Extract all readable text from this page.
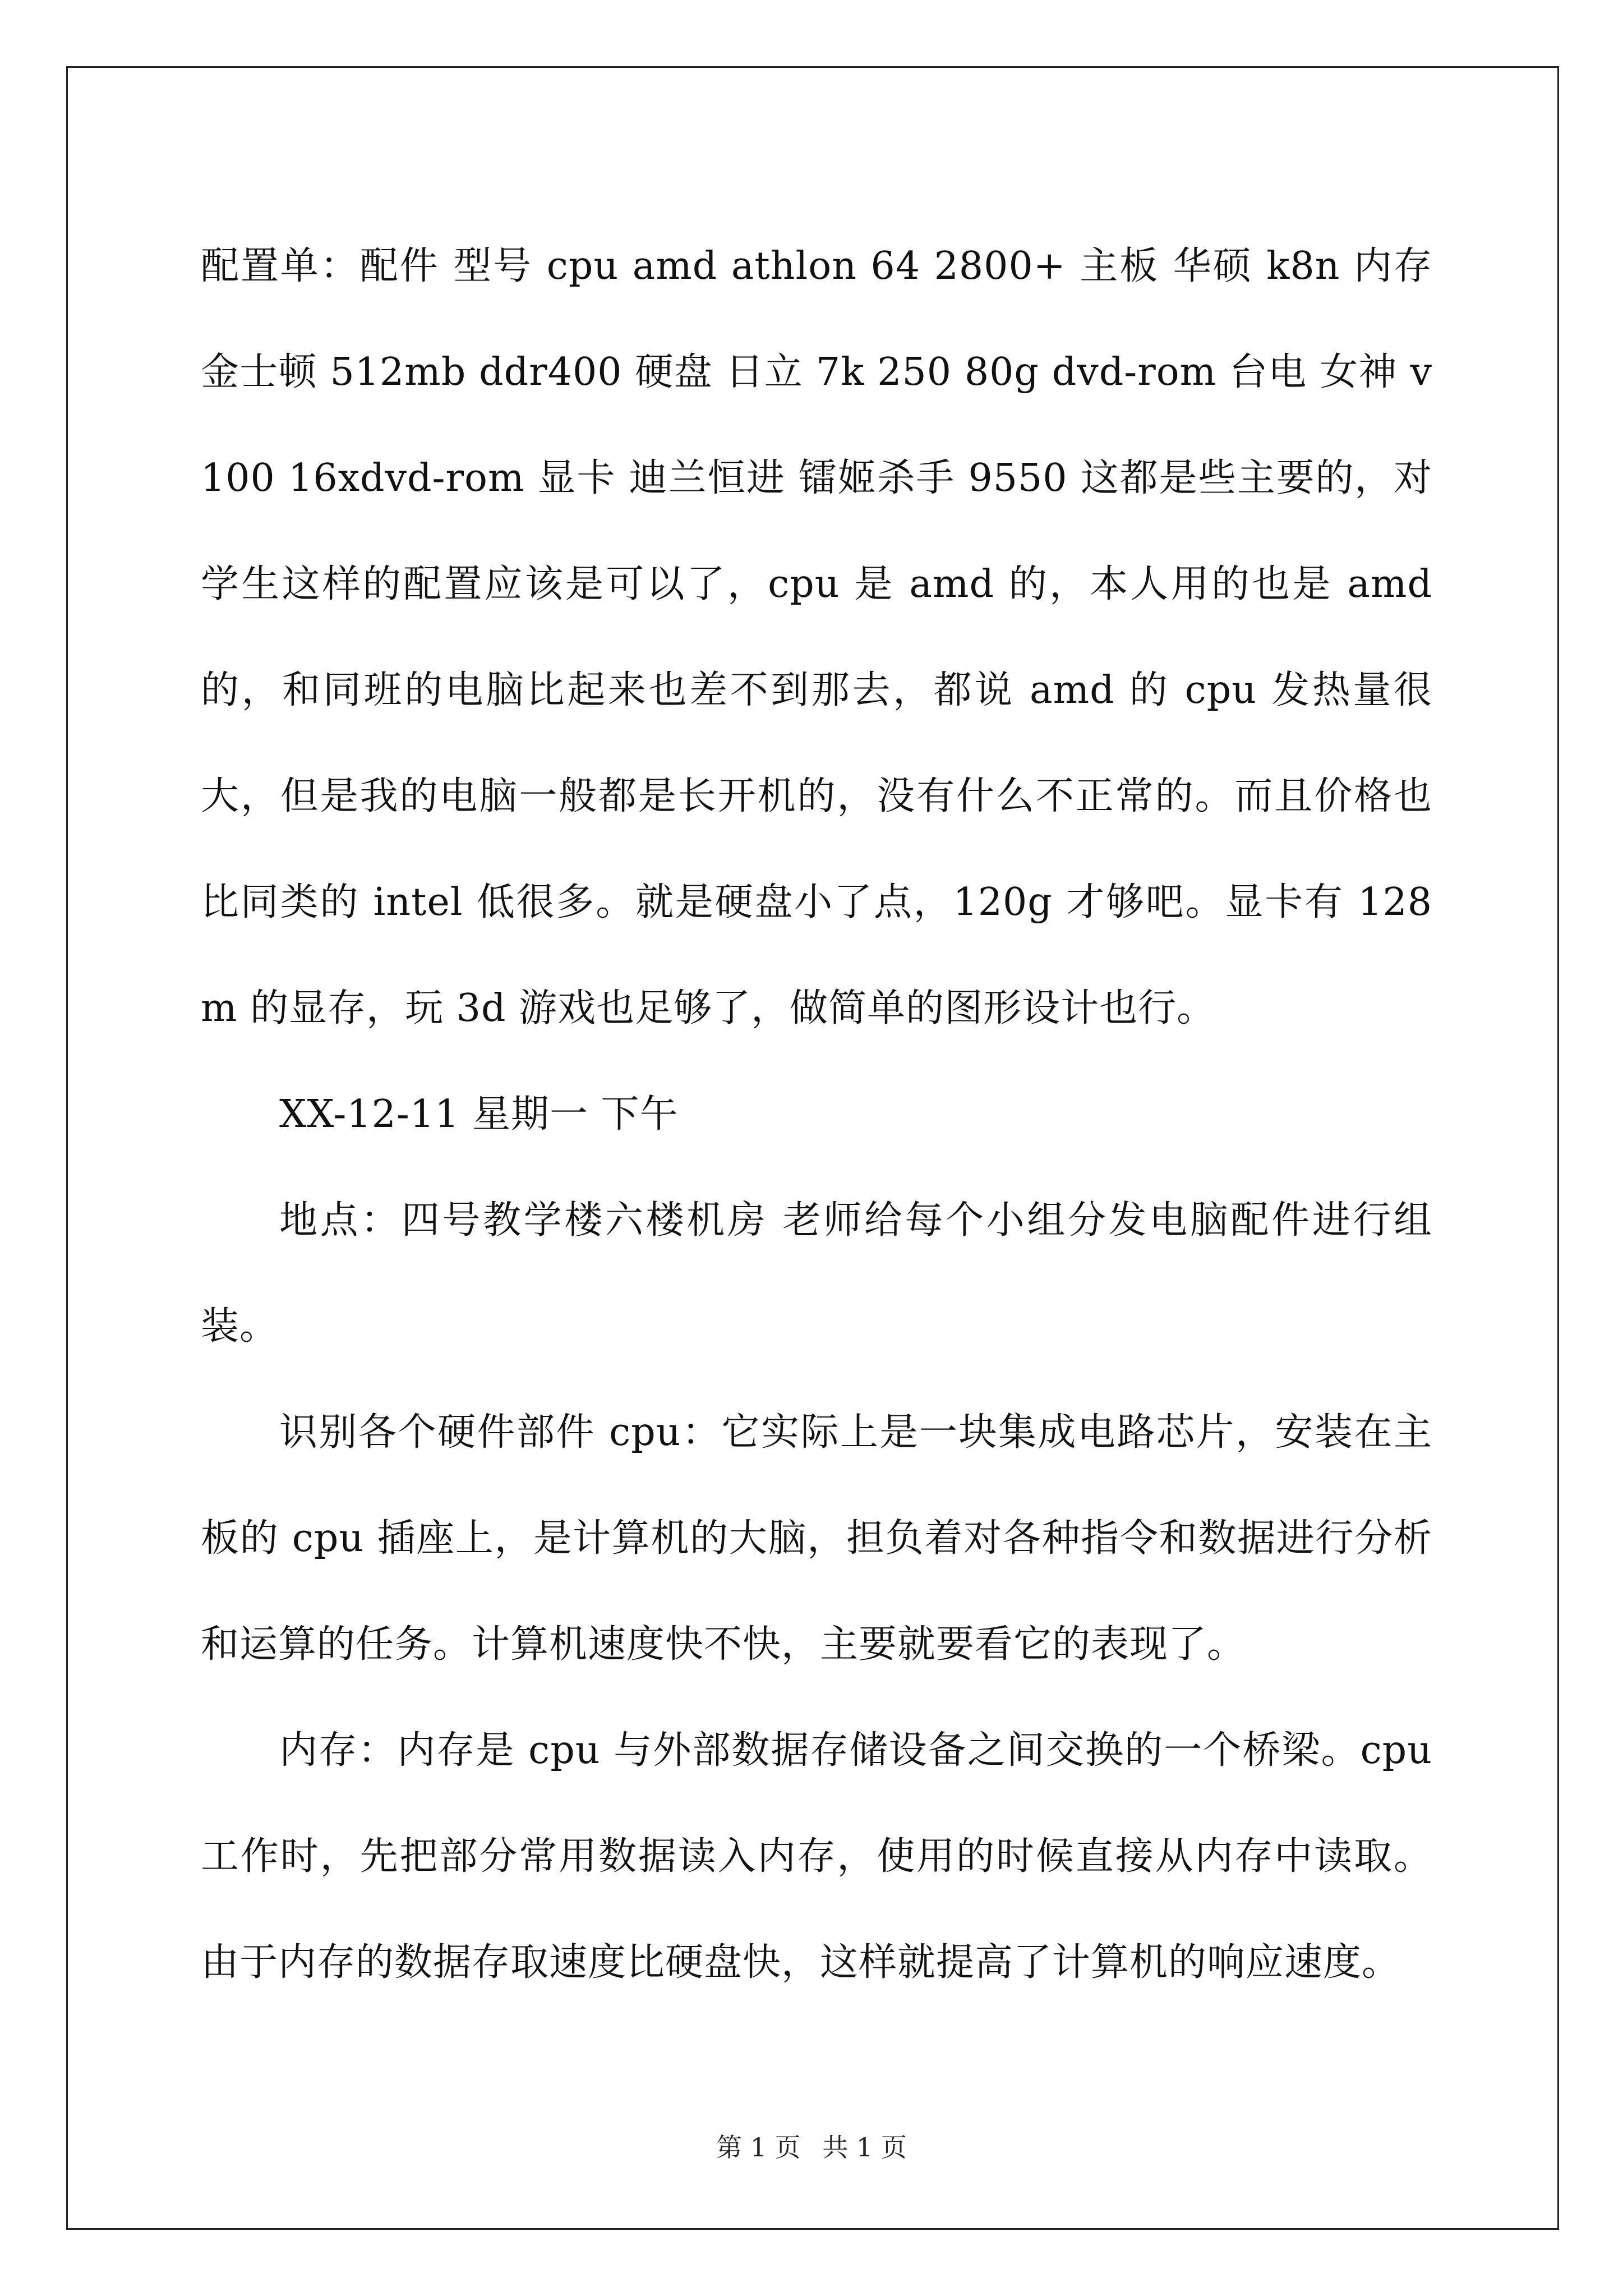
配置单：配件 型号 cpu amd athlon 64 2800+ 主板 华硕 k8n 内存 金士顿 512mb ddr400 硬盘 日立 7k 250 80g dvd-rom 台电 女神 v100 16xdvd-rom 显卡 迪兰恒进 镭姬杀手 9550 这都是些主要的，对学生这样的配置应该是可以了，cpu 是 amd 的，本人用的也是 amd 的，和同班的电脑比起来也差不到那去，都说 amd 的 cpu 发热量很大，但是我的电脑一般都是长开机的，没有什么不正常的。而且价格也比同类的 intel 低很多。就是硬盘小了点，120g 才够吧。显卡有 128m 的显存，玩 3d 游戏也足够了，做简单的图形设计也行。

XX-12-11 星期一 下午

地点：四号教学楼六楼机房 老师给每个小组分发电脑配件进行组装。

识别各个硬件部件 cpu：它实际上是一块集成电路芯片，安装在主板的 cpu 插座上，是计算机的大脑，担负着对各种指令和数据进行分析和运算的任务。计算机速度快不快，主要就要看它的表现了。

内存：内存是 cpu 与外部数据存储设备之间交换的一个桥梁。cpu 工作时，先把部分常用数据读入内存，使用的时候直接从内存中读取。由于内存的数据存取速度比硬盘快，这样就提高了计算机的响应速度。

第 1 页 共 1 页
